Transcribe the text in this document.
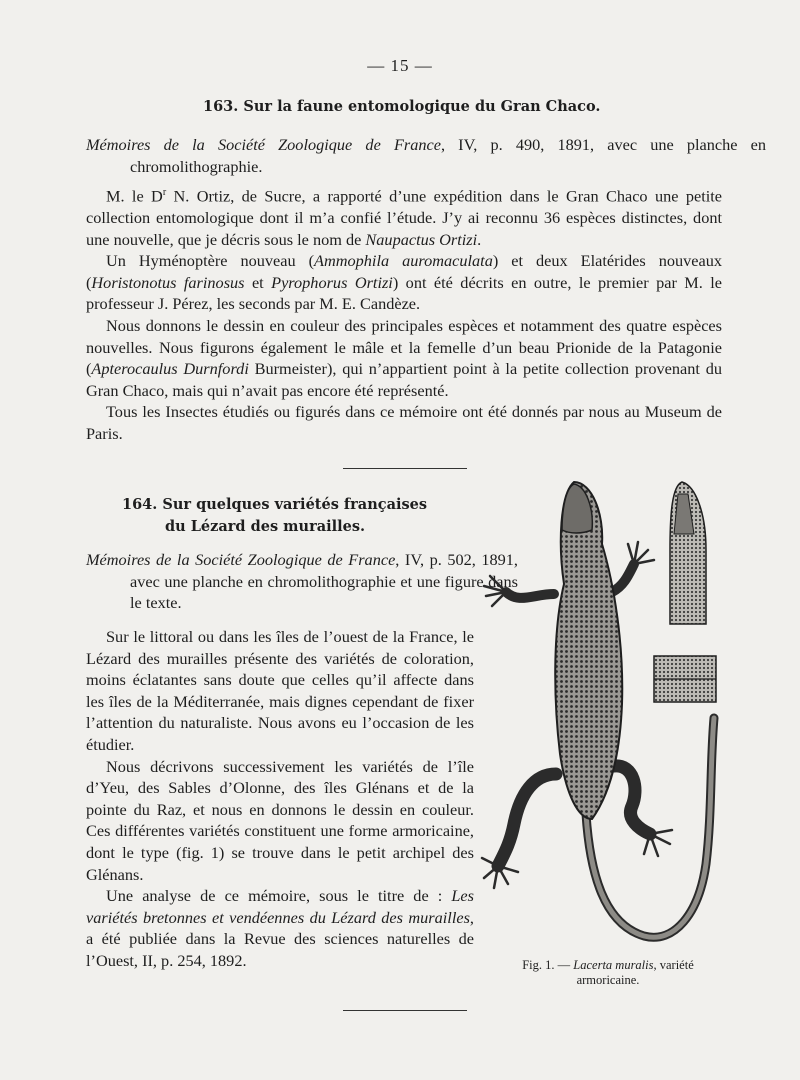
— 15 —
163. Sur la faune entomologique du Gran Chaco.

Mémoires de la Société Zoologique de France, IV, p. 490, 1891, avec une planche en chromolithographie.

M. le $D^r$ N. Ortiz, de Sucre, a rapporté d’une expédition dans le Gran Chaco une petite collection entomologique dont il m’a confié l’étude. J’y ai reconnu 36 espèces distinctes, dont une nouvelle, que je décris sous le nom de Naupactus Ortizi.

Un Hyménoptère nouveau (Ammophila auromaculata) et deux Elatérides nouveaux (Horistonotus farinosus et Pyrophorus Ortizi) ont été décrits en outre, le premier par M. le professeur J. Pérez, les seconds par M. E. Candèze.

Nous donnons le dessin en couleur des principales espèces et notamment des quatre espèces nouvelles. Nous figurons également le mâle et la femelle d’un beau Prionide de la Patagonie (Apterocaulus Durnfordi Burmeister), qui n’appartient point à la petite collection provenant du Gran Chaco, mais qui n’avait pas encore été représenté.

Tous les Insectes étudiés ou figurés dans ce mémoire ont été donnés par nous au Museum de Paris.

164. Sur quelques variétés françaises
du Lézard des murailles.

Mémoires de la Société Zoologique de France, IV, p. 502, 1891, avec une planche en chromolithographie et une figure dans le texte.

Sur le littoral ou dans les îles de l’ouest de la France, le Lézard des murailles présente des variétés de coloration, moins éclatantes sans doute que celles qu’il affecte dans les îles de la Méditerranée, mais dignes cependant de fixer l’attention du naturaliste. Nous avons eu l’occasion de les étudier.

Nous décrivons successivement les variétés de l’île d’Yeu, des Sables d’Olonne, des îles Glénans et de la pointe du Raz, et nous en donnons le dessin en couleur. Ces différentes variétés constituent une forme armoricaine, dont le type (fig. 1) se trouve dans le petit archipel des Glénans.

Une analyse de ce mémoire, sous le titre de : Les variétés bretonnes et vendéennes du Lézard des murailles, a été publiée dans la Revue des sciences naturelles de l’Ouest, II, p. 254, 1892.	Fig. 1. — Lacerta muralis, variété armoricaine.
